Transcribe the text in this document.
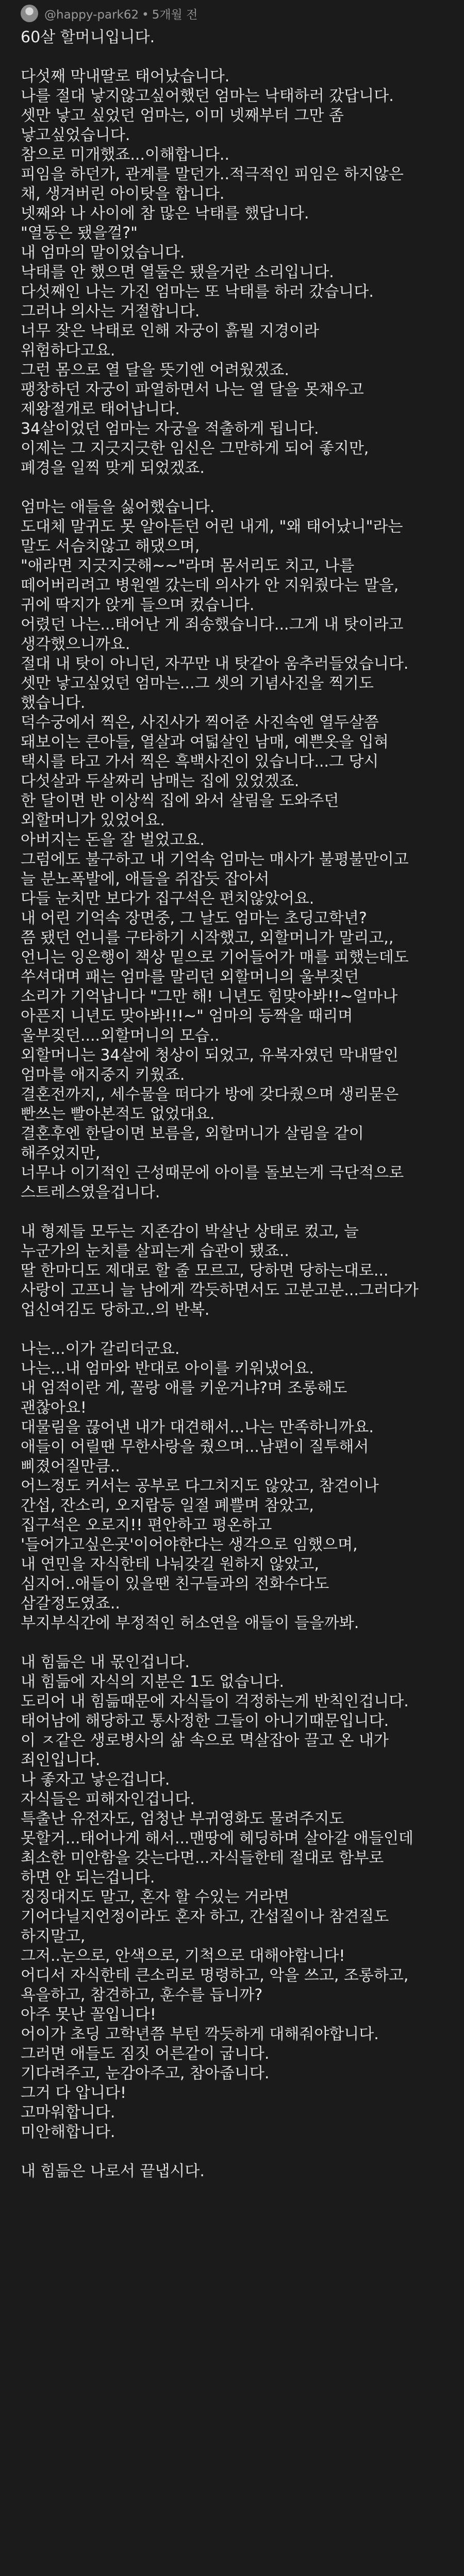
@happy-park62 • 5개월 전
60살 할머니입니다.
다섯째 막내딸로 태어났습니다.
나를 절대 낳지않고싶어했던 엄마는 낙태하러 갔답니다.
셋만 낳고 싶었던 엄마는, 이미 넷째부터 그만 좀
낳고싶었습니다.
참으로 미개했죠...이해합니다..
피임을 하던가, 관계를 말던가..적극적인 피임은 하지않은
채, 생겨버린 아이탓을 합니다.
넷째와 나 사이에 참 많은 낙태를 했답니다.
"열동은 됐을껄?"
내 엄마의 말이었습니다.
낙태를 안 했으면 열둘은 됐을거란 소리입니다.
다섯째인 나는 가진 엄마는 또 낙태를 하러 갔습니다.
그러나 의사는 거절합니다.
너무 잦은 낙태로 인해 자궁이 흙뭘 지경이라
위험하다고요.
그런 몸으로 열 달을 뜻기엔 어려웠겠죠.
팽창하던 자궁이 파열하면서 나는 열 달을 못채우고
제왕절개로 태어납니다.
34살이었던 엄마는 자궁을 적출하게 됩니다.
이제는 그 지긋지긋한 임신은 그만하게 되어 좋지만,
폐경을 일찍 맞게 되었겠죠.
엄마는 애들을 싫어했습니다.
도대체 말귀도 못 알아듣던 어린 내게, "왜 태어났니"라는
말도 서슴치않고 해댔으며,
"애라면 지긋지긋해~~"라며 몸서리도 치고, 나를
떼어버리려고 병원엘 갔는데 의사가 안 지워줬다는 말을,
귀에 딱지가 앉게 들으며 컸습니다.
어렸던 나는...태어난 게 죄송했습니다...그게 내 탓이라고
생각했으니까요.
절대 내 탓이 아니던, 자꾸만 내 탓같아 움추러들었습니다.
셋만 낳고싶었던 엄마는...그 셋의 기념사진을 찍기도
했습니다.
덕수궁에서 찍은, 사진사가 찍어준 사진속엔 열두살쯤
돼보이는 큰아들, 열살과 여덟살인 남매, 예쁜옷을 입혀
택시를 타고 가서 찍은 흑백사진이 있습니다...그 당시
다섯살과 두살짜리 남매는 집에 있었겠죠.
한 달이면 반 이상씩 집에 와서 살림을 도와주던
외할머니가 있었어요.
아버지는 돈을 잘 벌었고요.
그럼에도 불구하고 내 기억속 엄마는 매사가 불평불만이고
늘 분노폭발에, 애들을 쥐잡듯 잡아서
다들 눈치만 보다가 집구석은 편치않았어요.
내 어린 기억속 장면중, 그 날도 엄마는 초딩고학년?
쯤 됐던 언니를 구타하기 시작했고, 외할머니가 말리고,,
언니는 잉은행이 책상 밑으로 기어들어가 매를 피했는데도
쑤셔대며 패는 엄마를 말리던 외할머니의 울부짖던
소리가 기억납니다 "그만 해! 니년도 힘맞아봐!!~얼마나
아픈지 니년도 맞아봐!!!~" 엄마의 등짝을 때리며
울부짖던....외할머니의 모습..
외할머니는 34살에 청상이 되었고, 유복자였던 막내딸인
엄마를 애지중지 키웠죠.
결혼전까지,, 세수물을 떠다가 방에 갖다줬으며 생리묻은
빤쓰는 빨아본적도 없었대요.
결혼후엔 한달이면 보름을, 외할머니가 살림을 같이
해주었지만,
너무나 이기적인 근성때문에 아이를 돌보는게 극단적으로
스트레스였을겁니다.
내 형제들 모두는 지존감이 박살난 상태로 컸고, 늘
누군가의 눈치를 살피는게 습관이 됐죠..
딸 한마디도 제대로 할 줄 모르고, 당하면 당하는대로...
사랑이 고프니 늘 남에게 깍듯하면서도 고분고분...그러다가
업신여김도 당하고..의 반복.
나는...이가 갈리더군요.
나는...내 엄마와 반대로 아이를 키워냈어요.
내 엄적이란 게, 꼴랑 애를 키운거냐?며 조롱해도
괜찮아요!
대물림을 끊어낸 내가 대견해서...나는 만족하니까요.
애들이 어릴땐 무한사랑을 줬으며...남편이 질투해서
삐졌어질만큼..
어느정도 커서는 공부로 다그치지도 않았고, 참견이나
간섭, 잔소리, 오지랍등 일절 폐쁠며 참았고,
집구석은 오로지!! 편안하고 평온하고
'들어가고싶은곳'이어야한다는 생각으로 임했으며,
내 연민을 자식한테 나눠갖길 원하지 않았고,
심지어..애들이 있을땐 친구들과의 전화수다도
삼갈정도였죠..
부지부식간에 부정적인 허소연을 애들이 들을까봐.
내 힘듦은 내 몫인겁니다.
내 힘듦에 자식의 지분은 1도 없습니다.
도리어 내 힘듦때문에 자식들이 걱정하는게 반칙인겁니다.
태어남에 해당하고 통사정한 그들이 아니기때문입니다.
이 ㅈ같은 생로병사의 삶 속으로 멱살잡아 끌고 온 내가
죄인입니다.
나 좋자고 낳은겁니다.
자식들은 피해자인겁니다.
특출난 유전자도, 엄청난 부귀영화도 물려주지도
못할거...태어나게 해서...맨땅에 헤딩하며 살아갈 애들인데
최소한 미안함을 갖는다면...자식들한테 절대로 함부로
하면 안 되는겁니다.
징징대지도 말고, 혼자 할 수있는 거라면
기어다닐지언정이라도 혼자 하고, 간섭질이나 참견질도
하지말고,
그저..눈으로, 안색으로, 기척으로 대해야합니다!
어디서 자식한테 큰소리로 명령하고, 악을 쓰고, 조롱하고,
욕을하고, 참견하고, 훈수를 듭니까?
아주 못난 꼴입니다!
어이가 초딩 고학년쯤 부턴 깍듯하게 대해줘야합니다.
그러면 애들도 짐짓 어른같이 굽니다.
기다려주고, 눈감아주고, 참아줍니다.
그거 다 압니다!
고마워합니다.
미안해합니다.
내 힘듦은 나로서 끝냅시다.
